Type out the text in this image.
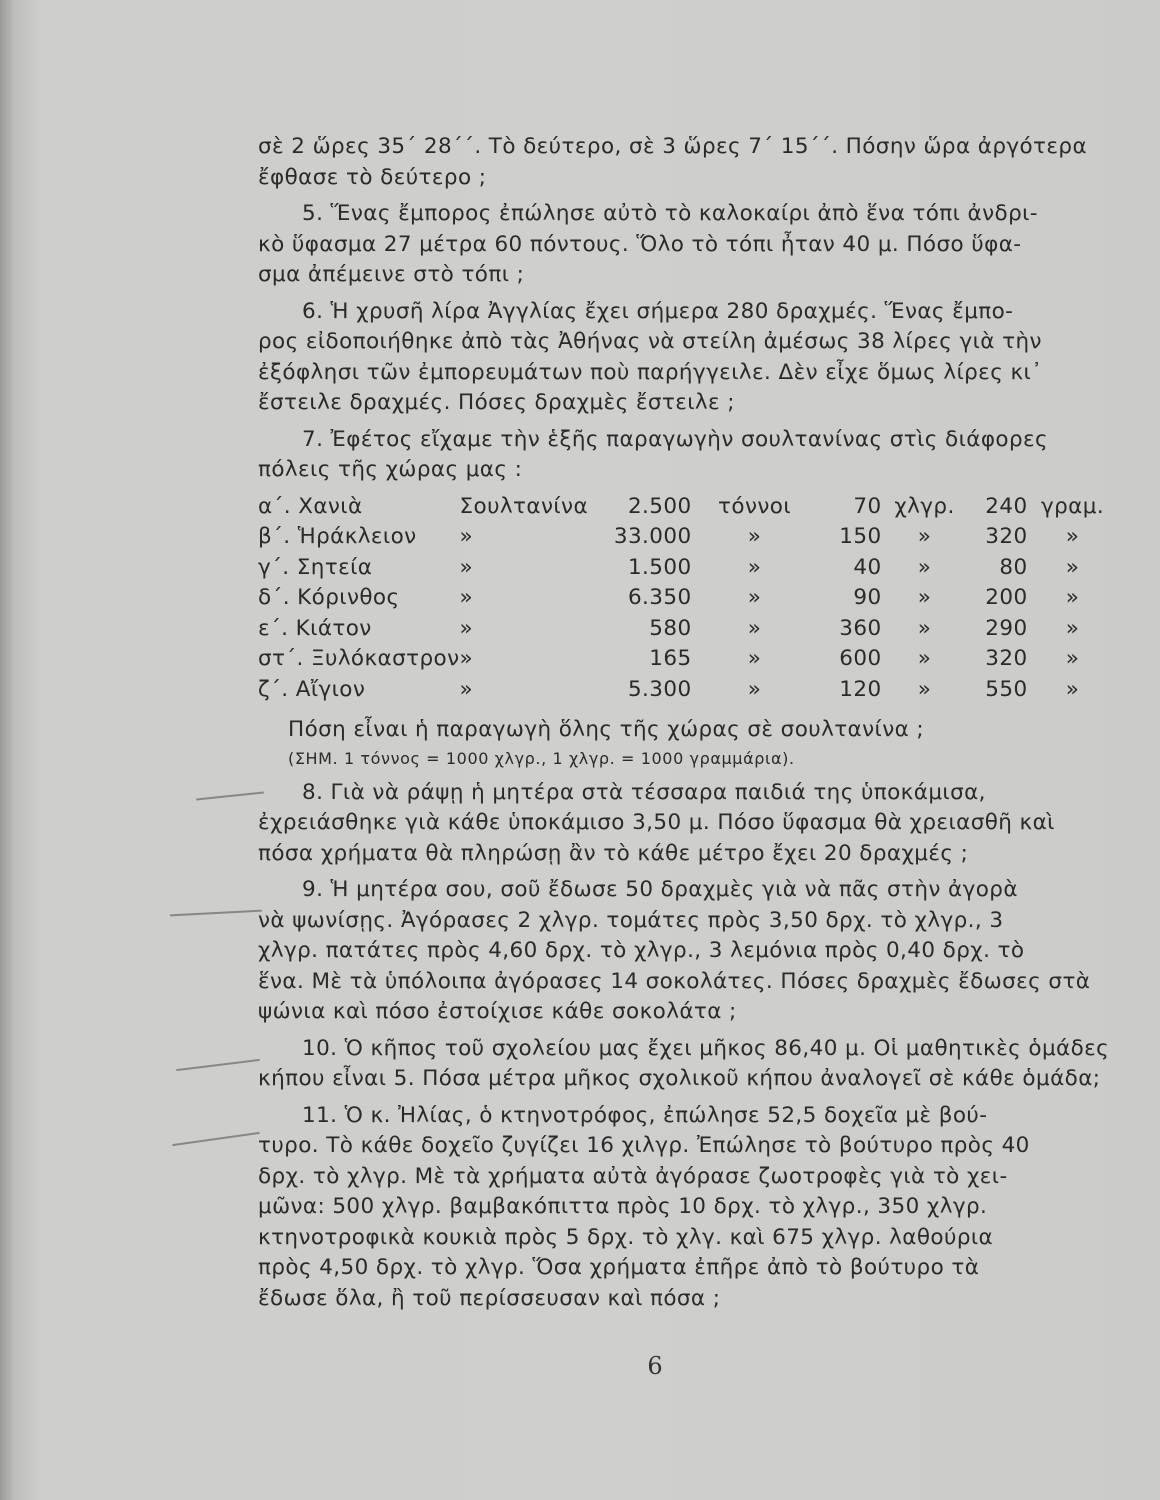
σὲ 2 ὥρες 35΄ 28΄΄. Τὸ δεύτερο, σὲ 3 ὥρες 7΄ 15΄΄. Πόσην ὥρα ἀργότερα
ἔφθασε τὸ δεύτερο ;
5. Ἕνας ἔμπορος ἐπώλησε αὐτὸ τὸ καλοκαίρι ἀπὸ ἕνα τόπι ἀνδρι-
κὸ ὕφασμα 27 μέτρα 60 πόντους. Ὅλο τὸ τόπι ἦταν 40 μ. Πόσο ὕφα-
σμα ἀπέμεινε στὸ τόπι ;
6. Ἡ χρυσῆ λίρα Ἀγγλίας ἔχει σήμερα 280 δραχμές. Ἕνας ἔμπο-
ρος εἰδοποιήθηκε ἀπὸ τὰς Ἀθήνας νὰ στείλη ἀμέσως 38 λίρες γιὰ τὴν
ἐξόφλησι τῶν ἐμπορευμάτων ποὺ παρήγγειλε. Δὲν εἶχε ὅμως λίρες κι᾽
ἔστειλε δραχμές. Πόσες δραχμὲς ἔστειλε ;
7. Ἐφέτος εἴχαμε τὴν ἑξῆς παραγωγὴν σουλτανίνας στὶς διάφορες
πόλεις τῆς χώρας μας :
α΄. Χανιὰ	Σουλτανίνα	2.500	τόννοι	70	χλγρ.	240	γραμ.
β΄. Ἡράκλειον	»	33.000	»	150	»	320	»
γ΄. Σητεία	»	1.500	»	40	»	80	»
δ΄. Κόρινθος	»	6.350	»	90	»	200	»
ε΄. Κιάτον	»	580	»	360	»	290	»
στ΄. Ξυλόκαστρον	»	165	»	600	»	320	»
ζ΄. Αἴγιον	»	5.300	»	120	»	550	»
Πόση εἶναι ἡ παραγωγὴ ὅλης τῆς χώρας σὲ σουλτανίνα ;
(ΣΗΜ. 1 τόννος = 1000 χλγρ., 1 χλγρ. = 1000 γραμμάρια).
8. Γιὰ νὰ ράψῃ ἡ μητέρα στὰ τέσσαρα παιδιά της ὑποκάμισα,
ἐχρειάσθηκε γιὰ κάθε ὑποκάμισο 3,50 μ. Πόσο ὕφασμα θὰ χρειασθῆ καὶ
πόσα χρήματα θὰ πληρώσῃ ἂν τὸ κάθε μέτρο ἔχει 20 δραχμές ;
9. Ἡ μητέρα σου, σοῦ ἔδωσε 50 δραχμὲς γιὰ νὰ πᾶς στὴν ἀγορὰ
νὰ ψωνίσῃς. Ἀγόρασες 2 χλγρ. τομάτες πρὸς 3,50 δρχ. τὸ χλγρ., 3
χλγρ. πατάτες πρὸς 4,60 δρχ. τὸ χλγρ., 3 λεμόνια πρὸς 0,40 δρχ. τὸ
ἕνα. Μὲ τὰ ὑπόλοιπα ἀγόρασες 14 σοκολάτες. Πόσες δραχμὲς ἔδωσες στὰ
ψώνια καὶ πόσο ἐστοίχισε κάθε σοκολάτα ;
10. Ὁ κῆπος τοῦ σχολείου μας ἔχει μῆκος 86,40 μ. Οἱ μαθητικὲς ὁμάδες
κήπου εἶναι 5. Πόσα μέτρα μῆκος σχολικοῦ κήπου ἀναλογεῖ σὲ κάθε ὁμάδα;
11. Ὁ κ. Ἠλίας, ὁ κτηνοτρόφος, ἐπώλησε 52,5 δοχεῖα μὲ βού-
τυρο. Τὸ κάθε δοχεῖο ζυγίζει 16 χιλγρ. Ἐπώλησε τὸ βούτυρο πρὸς 40
δρχ. τὸ χλγρ. Μὲ τὰ χρήματα αὐτὰ ἀγόρασε ζωοτροφὲς γιὰ τὸ χει-
μῶνα: 500 χλγρ. βαμβακόπιττα πρὸς 10 δρχ. τὸ χλγρ., 350 χλγρ.
κτηνοτροφικὰ κουκιὰ πρὸς 5 δρχ. τὸ χλγ. καὶ 675 χλγρ. λαθούρια
πρὸς 4,50 δρχ. τὸ χλγρ. Ὅσα χρήματα ἐπῆρε ἀπὸ τὸ βούτυρο τὰ
ἔδωσε ὅλα, ἢ τοῦ περίσσευσαν καὶ πόσα ;
6
